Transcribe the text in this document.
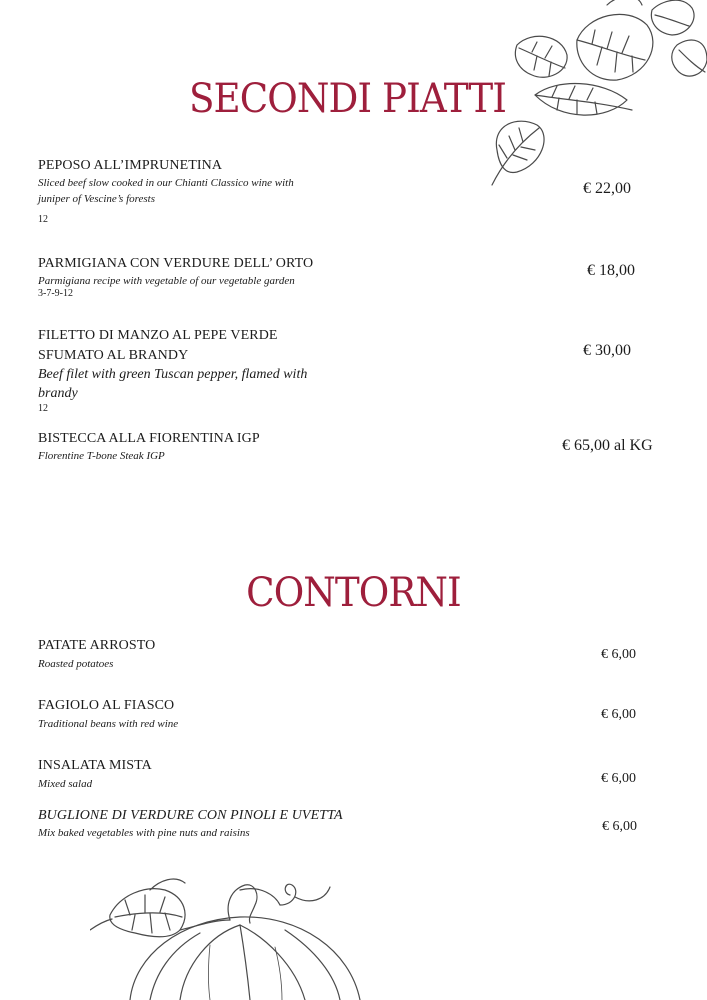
SECONDI PIATTI
PEPOSO ALL’IMPRUNETINA
Sliced beef slow cooked in our Chianti Classico wine with
juniper of Vescine’s forests
12
€ 22,00
PARMIGIANA CON VERDURE DELL’ ORTO
Parmigiana recipe with vegetable of our vegetable garden
3-7-9-12
€ 18,00
FILETTO DI MANZO AL PEPE VERDE
SFUMATO AL BRANDY
Beef filet with green Tuscan pepper, flamed with
brandy
12
€ 30,00
BISTECCA ALLA FIORENTINA IGP
Florentine T-bone Steak IGP
€ 65,00 al KG
CONTORNI
PATATE ARROSTO
Roasted potatoes
€ 6,00
FAGIOLO AL FIASCO
Traditional beans with red wine
€ 6,00
INSALATA MISTA
Mixed salad	€ 6,00
BUGLIONE DI VERDURE CON PINOLI E UVETTA
Mix baked vegetables with pine nuts and raisins	€ 6,00
